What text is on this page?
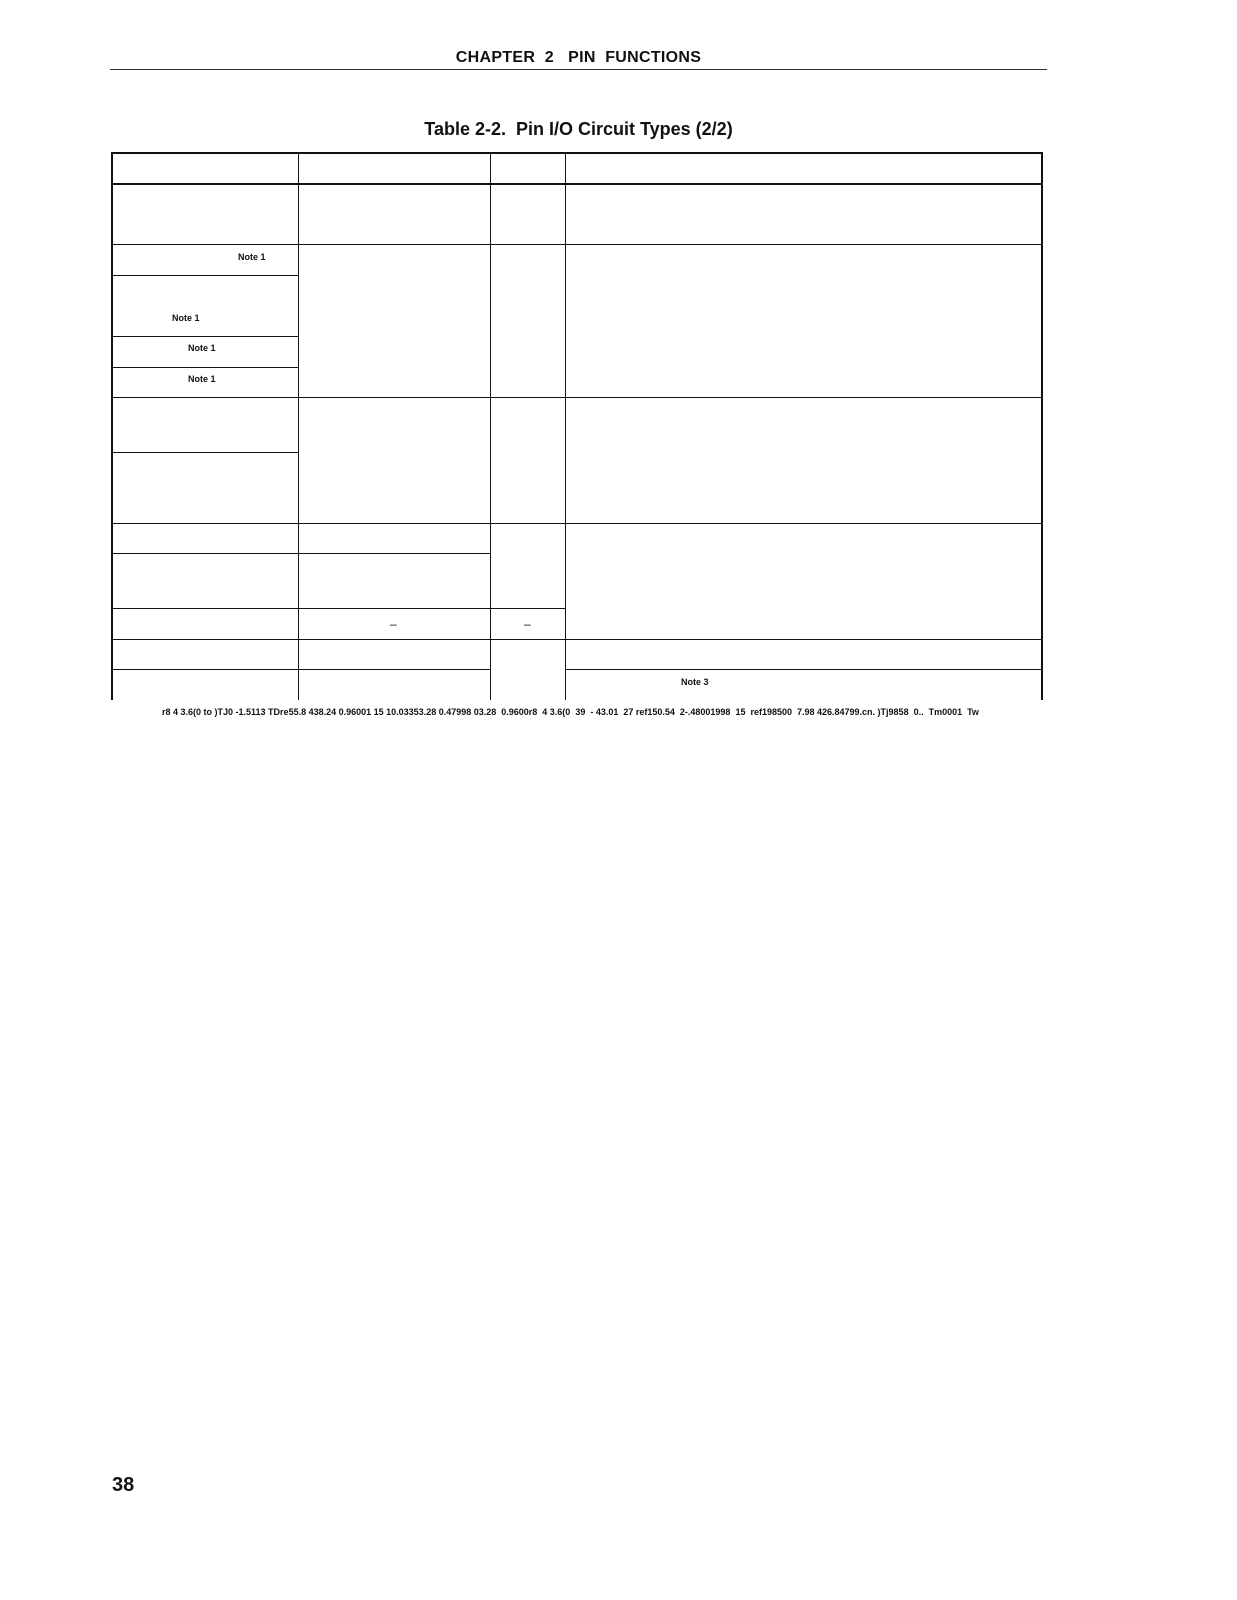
CHAPTER  2   PIN  FUNCTIONS
Table 2-2.  Pin I/O Circuit Types (2/2)
Note 1
Note 1
Note 1
Note 1
Note 3
–	–
r8 4 3.6(0 to )TJ0 -1.5113 TDre55.8 438.24 0.96001 15 10.03353.28 0.47998 03.28  0.9600r8  4 3.6(0  39  - 43.01  27 ref150.54  2-.48001998  15  ref198500  7.98 426.84799.cn. )Tj9858  0..  Tm0001  Tw
38
